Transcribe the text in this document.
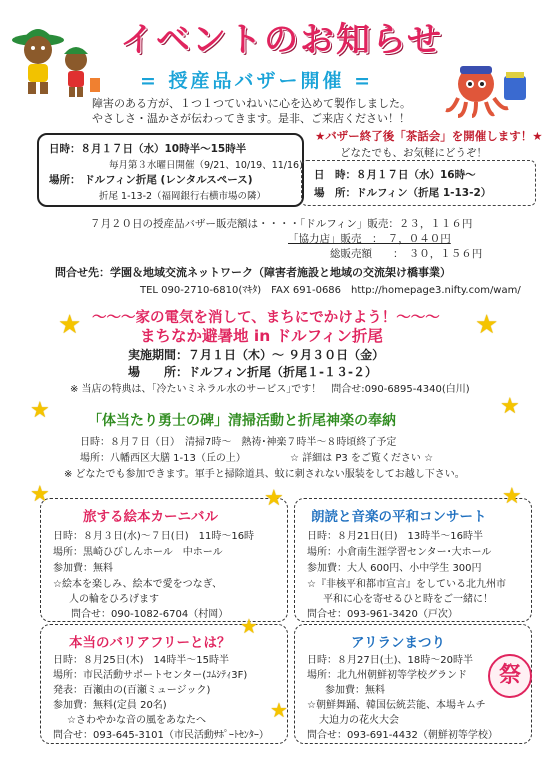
イベントのお知らせ
= 授産品バザー開催 =
障害のある方が、１つ１つていねいに心を込めて製作しました。
やさしさ・温かさが伝わってきます。是非、ご来店ください！！
日時：８月１７日（水）10時半～15時半
毎月第３水曜日開催（9/21、10/19、11/16)
場所： ドルフィン折尾 (レンタルスペース)
折尾 1-13-2（福岡銀行右横市場の隣）
★バザー終了後「茶話会」を開催します！★
どなたでも、お気軽にどうぞ！
日　時：８月１７日（水）16時～
場　所：ドルフィン（折尾 1-13-2）
７月２０日の授産品バザー販売額は・・・・「ドルフィン」販売：２３，１１６円
「協力店」販売　：　７，０４０円
総販売額　　：　３０，１５６円
問合せ先：学園＆地域交流ネットワーク（障害者施設と地域の交流架け橋事業）
TEL 090-2710-6810(ﾏｷﾀ)　FAX 691-0686　http://homepage3.nifty.com/wam/
～～～家の電気を消して、まちにでかけよう！～～～
まちなか避暑地 in ドルフィン折尾
実施期間：７月１日（木）～ ９月３０日（金）
場　　所：ドルフィン折尾（折尾１-１３-２）
※ 当店の特典は、｢冷たいミネラル水のサービス｣です！　問合せ:090-6895-4340(白川)
「体当たり勇士の碑」清掃活動と折尾神楽の奉納
日時：８月７日（日）　清掃7時～　熱祷･神楽７時半～８時頃終了予定
場所：八幡西区大膳 1-13（丘の上）	☆ 詳細は P3 をご覧ください ☆
※ どなたでも参加できます。軍手と掃除道具、蚊に刺されない服装をしてお越し下さい。
旅する絵本カーニバル
日時：８月３日(水)～７日(日)　11時～16時
場所：黒崎ひびしんホール　中ホール
参加費：無料
☆絵本を楽しみ、絵本で愛をつなぎ、
人の輪をひろげます
問合せ：090-1082-6704（村岡）
朗読と音楽の平和コンサート
日時：８月21日(日)　13時半～16時半
場所：小倉南生涯学習センター･大ホール
参加費：大人 600円、小中学生 300円
☆『非核平和都市宣言』をしている北九州市
平和に心を寄せるひと時をご一緒に！
問合せ：093-961-3420（戸次）
本当のバリアフリーとは？
日時：８月25日(木)　14時半～15時半
場所：市民活動サポートセンター(ｺﾑｼﾃｨ3F)
発表：百瀬由の(百瀬ミュージック)
参加費：無料(定員 20名)
☆さわやかな音の風をあなたへ
問合せ：093-645-3101（市民活動ｻﾎﾟｰﾄｾﾝﾀｰ）
アリランまつり
日時：８月27日(土)、18時～20時半
場所：北九州朝鮮初等学校グランド
参加費：無料
☆朝鮮舞踊、韓国伝統芸能、本場キムチ
大迫力の花火大会
問合せ：093-691-4432（朝鮮初等学校）
祭
★	★
★	★
★	★	★
★
★
